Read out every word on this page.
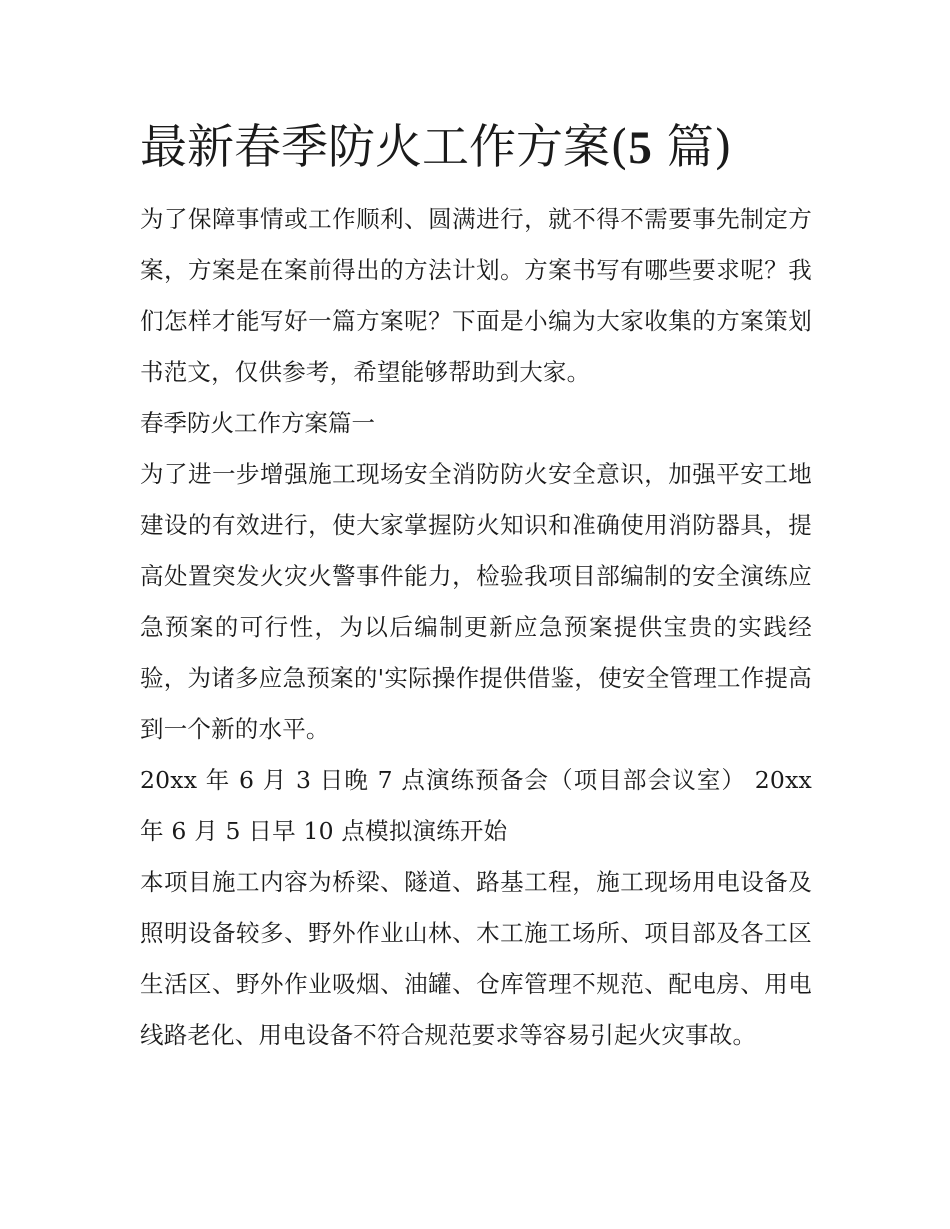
最新春季防火工作方案(5 篇)

为了保障事情或工作顺利、圆满进行，就不得不需要事先制定方案，方案是在案前得出的方法计划。方案书写有哪些要求呢？我们怎样才能写好一篇方案呢？下面是小编为大家收集的方案策划书范文，仅供参考，希望能够帮助到大家。

春季防火工作方案篇一

为了进一步增强施工现场安全消防防火安全意识，加强平安工地建设的有效进行，使大家掌握防火知识和准确使用消防器具，提高处置突发火灾火警事件能力，检验我项目部编制的安全演练应急预案的可行性，为以后编制更新应急预案提供宝贵的实践经验，为诸多应急预案的'实际操作提供借鉴，使安全管理工作提高到一个新的水平。

20xx 年 6 月 3 日晚 7 点演练预备会（项目部会议室） 20xx 年 6 月 5 日早 10 点模拟演练开始

本项目施工内容为桥梁、隧道、路基工程，施工现场用电设备及照明设备较多、野外作业山林、木工施工场所、项目部及各工区生活区、野外作业吸烟、油罐、仓库管理不规范、配电房、用电线路老化、用电设备不符合规范要求等容易引起火灾事故。
